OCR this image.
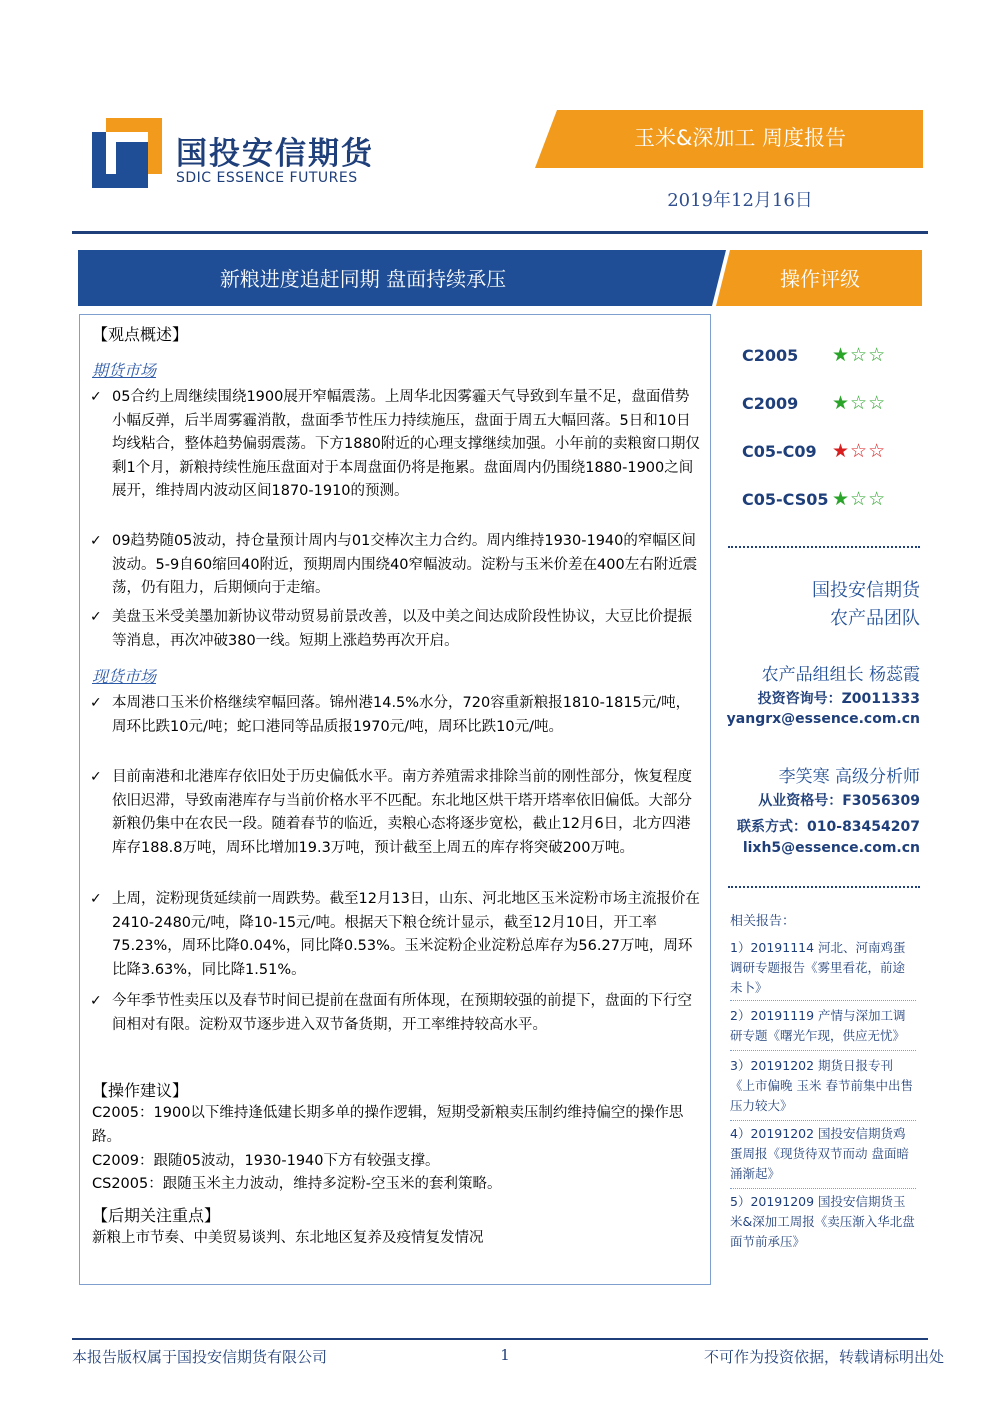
国投安信期货
SDIC ESSENCE FUTURES
玉米&深加工 周度报告
2019年12月16日
新粮进度追赶同期 盘面持续承压	操作评级
【观点概述】
期货市场
✓ 05合约上周继续围绕1900展开窄幅震荡。上周华北因雾霾天气导致到车量不足，盘面借势小幅反弹，后半周雾霾消散，盘面季节性压力持续施压，盘面于周五大幅回落。5日和10日均线粘合，整体趋势偏弱震荡。下方1880附近的心理支撑继续加强。小年前的卖粮窗口期仅剩1个月，新粮持续性施压盘面对于本周盘面仍将是拖累。盘面周内仍围绕1880-1900之间展开，维持周内波动区间1870-1910的预测。
✓ 09趋势随05波动，持仓量预计周内与01交棒次主力合约。周内维持1930-1940的窄幅区间波动。5-9自60缩回40附近，预期周内围绕40窄幅波动。淀粉与玉米价差在400左右附近震荡，仍有阻力，后期倾向于走缩。
✓ 美盘玉米受美墨加新协议带动贸易前景改善，以及中美之间达成阶段性协议，大豆比价提振等消息，再次冲破380一线。短期上涨趋势再次开启。
现货市场
✓ 本周港口玉米价格继续窄幅回落。锦州港14.5%水分，720容重新粮报1810-1815元/吨，周环比跌10元/吨；蛇口港同等品质报1970元/吨，周环比跌10元/吨。
✓ 目前南港和北港库存依旧处于历史偏低水平。南方养殖需求排除当前的刚性部分，恢复程度依旧迟滞，导致南港库存与当前价格水平不匹配。东北地区烘干塔开塔率依旧偏低。大部分新粮仍集中在农民一段。随着春节的临近，卖粮心态将逐步宽松，截止12月6日，北方四港库存188.8万吨，周环比增加19.3万吨，预计截至上周五的库存将突破200万吨。
✓ 上周，淀粉现货延续前一周跌势。截至12月13日，山东、河北地区玉米淀粉市场主流报价在2410-2480元/吨，降10-15元/吨。根据天下粮仓统计显示，截至12月10日，开工率75.23%，周环比降0.04%，同比降0.53%。玉米淀粉企业淀粉总库存为56.27万吨，周环比降3.63%，同比降1.51%。
✓ 今年季节性卖压以及春节时间已提前在盘面有所体现，在预期较强的前提下，盘面的下行空间相对有限。淀粉双节逐步进入双节备货期，开工率维持较高水平。
【操作建议】
C2005：1900以下维持逢低建长期多单的操作逻辑，短期受新粮卖压制约维持偏空的操作思路。
C2009：跟随05波动，1930-1940下方有较强支撑。
CS2005：跟随玉米主力波动，维持多淀粉-空玉米的套利策略。
【后期关注重点】
新粮上市节奏、中美贸易谈判、东北地区复养及疫情复发情况
C2005 ★☆☆
C2009 ★☆☆
C05-C09 ★☆☆
C05-CS05 ★☆☆
国投安信期货
农产品团队
农产品组组长 杨蕊霞
投资咨询号：Z0011333
yangrx@essence.com.cn
李笑寒 高级分析师
从业资格号：F3056309
联系方式：010-83454207
lixh5@essence.com.cn
相关报告：
1）20191114 河北、河南鸡蛋调研专题报告《雾里看花，前途未卜》
2）20191119 产情与深加工调研专题《曙光乍现，供应无忧》
3）20191202 期货日报专刊《上市偏晚 玉米 春节前集中出售压力较大》
4）20191202 国投安信期货鸡蛋周报《现货待双节而动 盘面暗涌渐起》
5）20191209 国投安信期货玉米&深加工周报《卖压渐入华北盘面节前承压》
本报告版权属于国投安信期货有限公司	1	不可作为投资依据，转载请标明出处
